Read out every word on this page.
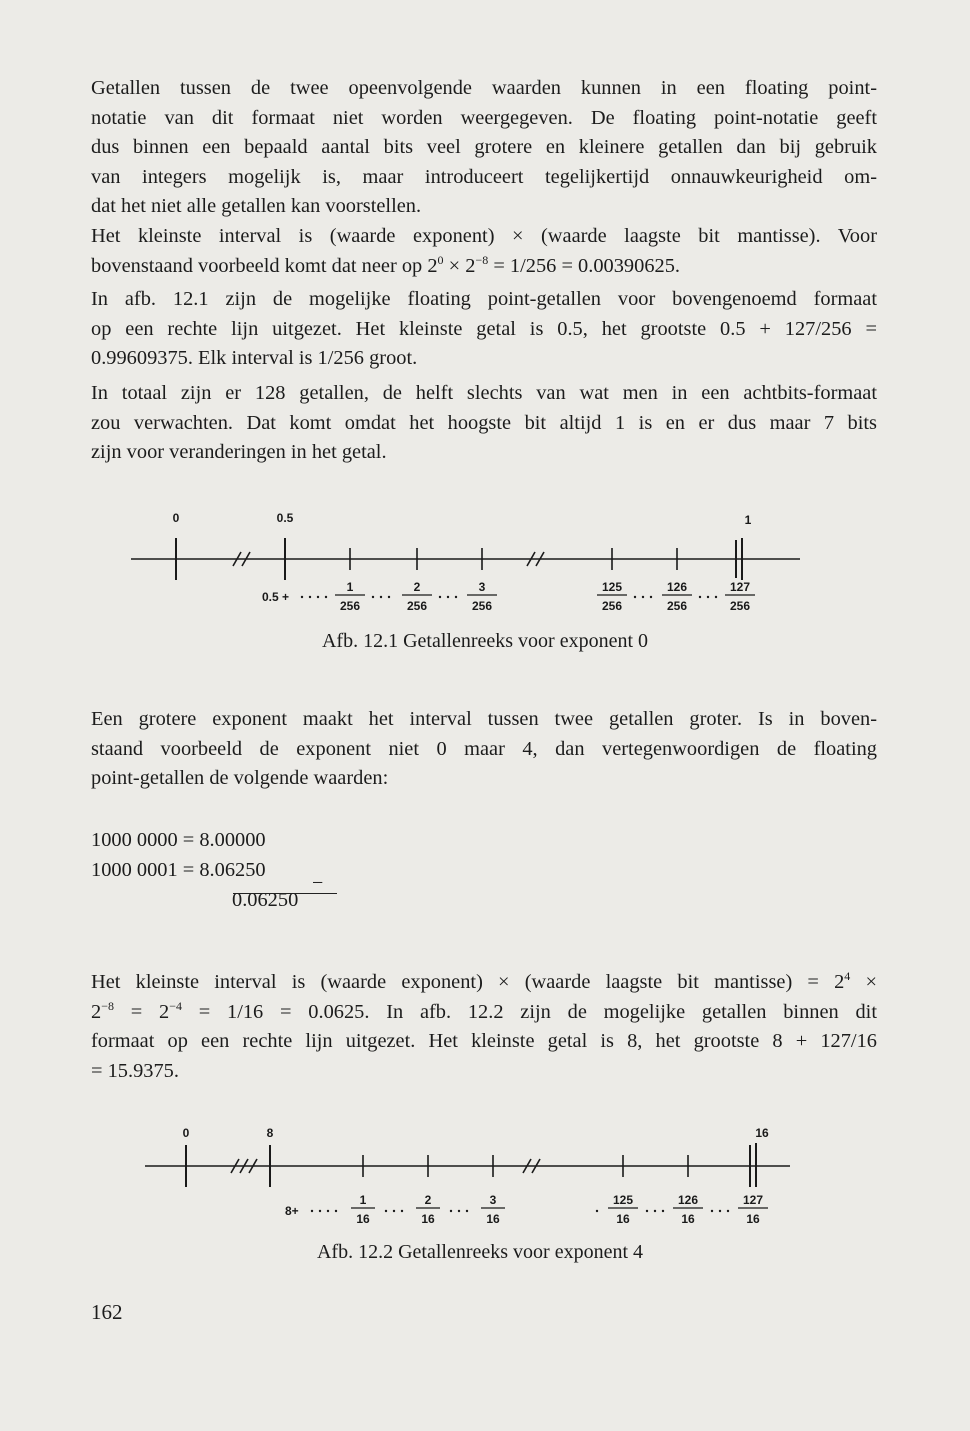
Getallen tussen de twee opeenvolgende waarden kunnen in een floating point-
notatie van dit formaat niet worden weergegeven. De floating point-notatie geeft
dus binnen een bepaald aantal bits veel grotere en kleinere getallen dan bij gebruik
van integers mogelijk is, maar introduceert tegelijkertijd onnauwkeurigheid om-
dat het niet alle getallen kan voorstellen.
Het kleinste interval is (waarde exponent) × (waarde laagste bit mantisse). Voor
bovenstaand voorbeeld komt dat neer op $2^0 \times 2^{-8} = 1/256 = 0.00390625$.
In afb. 12.1 zijn de mogelijke floating point-getallen voor bovengenoemd formaat
op een rechte lijn uitgezet. Het kleinste getal is 0.5, het grootste 0.5 + 127/256 =
0.99609375. Elk interval is 1/256 groot.
In totaal zijn er 128 getallen, de helft slechts van wat men in een achtbits-formaat
zou verwachten. Dat komt omdat het hoogste bit altijd 1 is en er dus maar 7 bits
zijn voor veranderingen in het getal.
0	0.5	1
0.5 +
1
256
2
256
3
256
125
256
126
256
127
256
Afb. 12.1 Getallenreeks voor exponent 0
Een grotere exponent maakt het interval tussen twee getallen groter. Is in boven-
staand voorbeeld de exponent niet 0 maar 4, dan vertegenwoordigen de floating
point-getallen de volgende waarden:
1000 0000 = 8.00000
1000 0001 = 8.06250
0.06250
−
Het kleinste interval is (waarde exponent) × (waarde laagste bit mantisse) = $2^4$ ×
$2^{-8} = 2^{-4} = 1/16 = 0.0625$. In afb. 12.2 zijn de mogelijke getallen binnen dit
formaat op een rechte lijn uitgezet. Het kleinste getal is 8, het grootste 8 + 127/16
= 15.9375.
0	8	16
8+
1
16
2
16
3
16
125
16
126
16
127
16
Afb. 12.2 Getallenreeks voor exponent 4
162
